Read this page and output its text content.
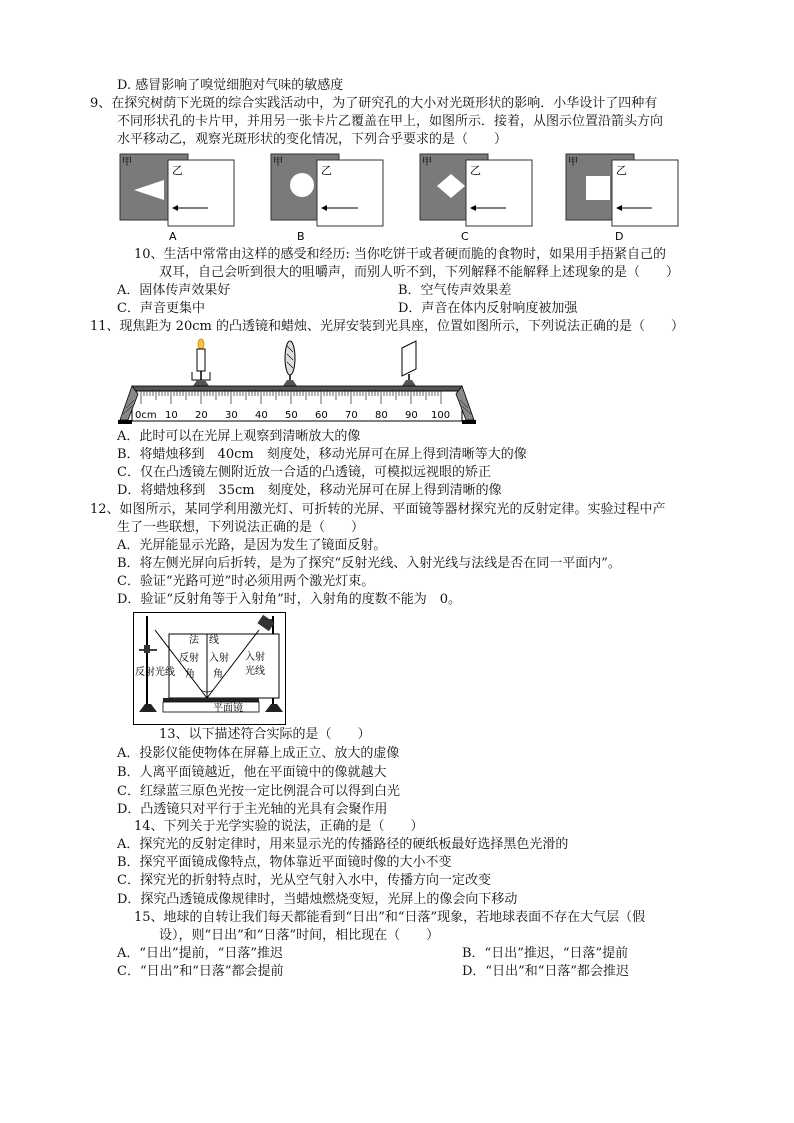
D. 感冒影响了嗅觉细胞对气味的敏感度
9、在探究树荫下光斑的综合实践活动中，为了研究孔的大小对光斑形状的影响．小华设计了四种有
不同形状孔的卡片甲，并用另一张卡片乙覆盖在甲上，如图所示．接着，从图示位置沿箭头方向
水平移动乙，观察光斑形状的变化情况，下列合乎要求的是（　　）
甲
乙
A
甲
乙
B
甲
乙
C
甲
乙
D
10、生活中常常由这样的感受和经历: 当你吃饼干或者硬而脆的食物时，如果用手捂紧自己的
双耳，自己会听到很大的咀嚼声，而别人听不到，下列解释不能解释上述现象的是（　　）
A．固体传声效果好	B．空气传声效果差
C．声音更集中	D．声音在体内反射响度被加强
11、现焦距为 20cm 的凸透镜和蜡烛、光屏安装到光具座，位置如图所示，下列说法正确的是（　　）
0cm 10 20 30 40 50 60 70 80 90 100
A．此时可以在光屏上观察到清晰放大的像
B．将蜡烛移到　40cm　刻度处，移动光屏可在屏上得到清晰等大的像
C．仅在凸透镜左侧附近放一合适的凸透镜，可模拟远视眼的矫正
D．将蜡烛移到　35cm　刻度处，移动光屏可在屏上得到清晰的像
12、如图所示，某同学利用激光灯、可折转的光屏、平面镜等器材探究光的反射定律。实验过程中产
生了一些联想，下列说法正确的是（　　）
A．光屏能显示光路，是因为发生了镜面反射。
B．将左侧光屏向后折转，是为了探究“反射光线、入射光线与法线是否在同一平面内”。
C．验证“光路可逆”时必须用两个激光灯束。
D．验证“反射角等于入射角”时，入射角的度数不能为　0。
法 线
反射 入射
角 角
反射光线
入射
光线
平面镜
13、以下描述符合实际的是（　　）
A．投影仪能使物体在屏幕上成正立、放大的虚像
B．人离平面镜越近，他在平面镜中的像就越大
C．红绿蓝三原色光按一定比例混合可以得到白光
D．凸透镜只对平行于主光轴的光具有会聚作用
14、下列关于光学实验的说法，正确的是（　　）
A．探究光的反射定律时，用来显示光的传播路径的硬纸板最好选择黑色光滑的
B．探究平面镜成像特点，物体靠近平面镜时像的大小不变
C．探究光的折射特点时，光从空气射入水中，传播方向一定改变
D．探究凸透镜成像规律时，当蜡烛燃烧变短，光屏上的像会向下移动
15、地球的自转让我们每天都能看到“日出”和“日落”现象，若地球表面不存在大气层（假
设），则“日出”和“日落”时间，相比现在（　　）
A．“日出”提前，“日落”推迟	B．“日出”推迟，“日落”提前
C．“日出”和“日落”都会提前	D．“日出”和“日落”都会推迟
